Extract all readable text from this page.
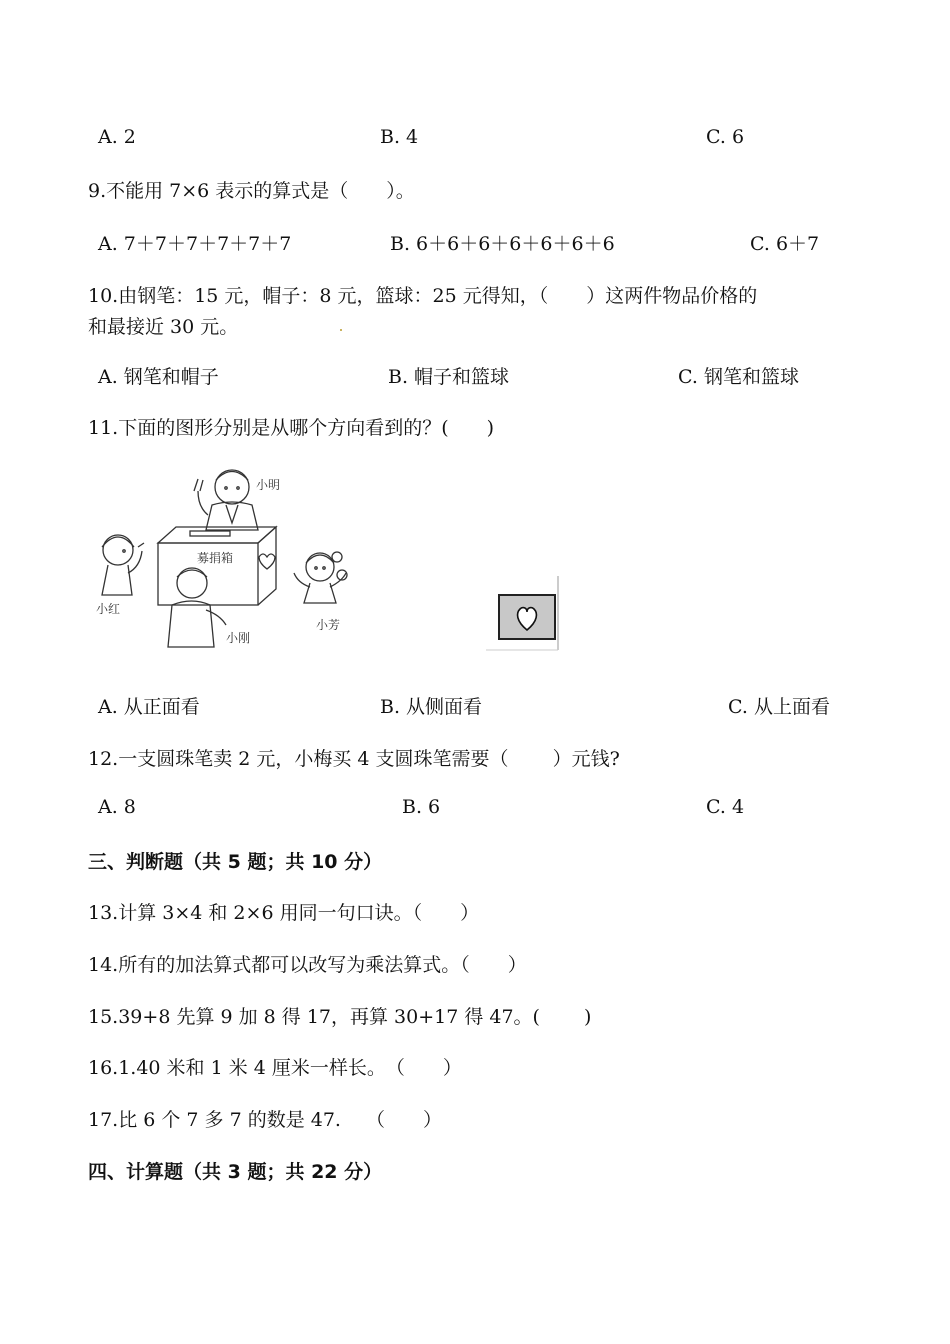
A. 2	B. 4	C. 6
9.不能用 7×6 表示的算式是（　　）。
A. 7＋7＋7＋7＋7＋7	B. 6＋6＋6＋6＋6＋6＋6	C. 6＋7
10.由钢笔：15 元，帽子：8 元，篮球：25 元得知，（　　）这两件物品价格的
和最接近 30 元。
A. 钢笔和帽子	B. 帽子和篮球	C. 钢笔和篮球
11.下面的图形分别是从哪个方向看到的？(　　)
小明
募捐箱
小红
小刚
小芳
A. 从正面看	B. 从侧面看	C. 从上面看
12.一支圆珠笔卖 2 元，小梅买 4 支圆珠笔需要（　　 ）元钱?
A. 8	B. 6	C. 4
三、判断题（共 5 题；共 10 分）
13.计算 3×4 和 2×6 用同一句口诀。（　　）
14.所有的加法算式都可以改写为乘法算式。（　　）
15.39+8 先算 9 加 8 得 17，再算 30+17 得 47。(　　 )
16.1.40 米和 1 米 4 厘米一样长。　（　　）
17.比 6 个 7 多 7 的数是 47.　 （　　）
四、计算题（共 3 题；共 22 分）
